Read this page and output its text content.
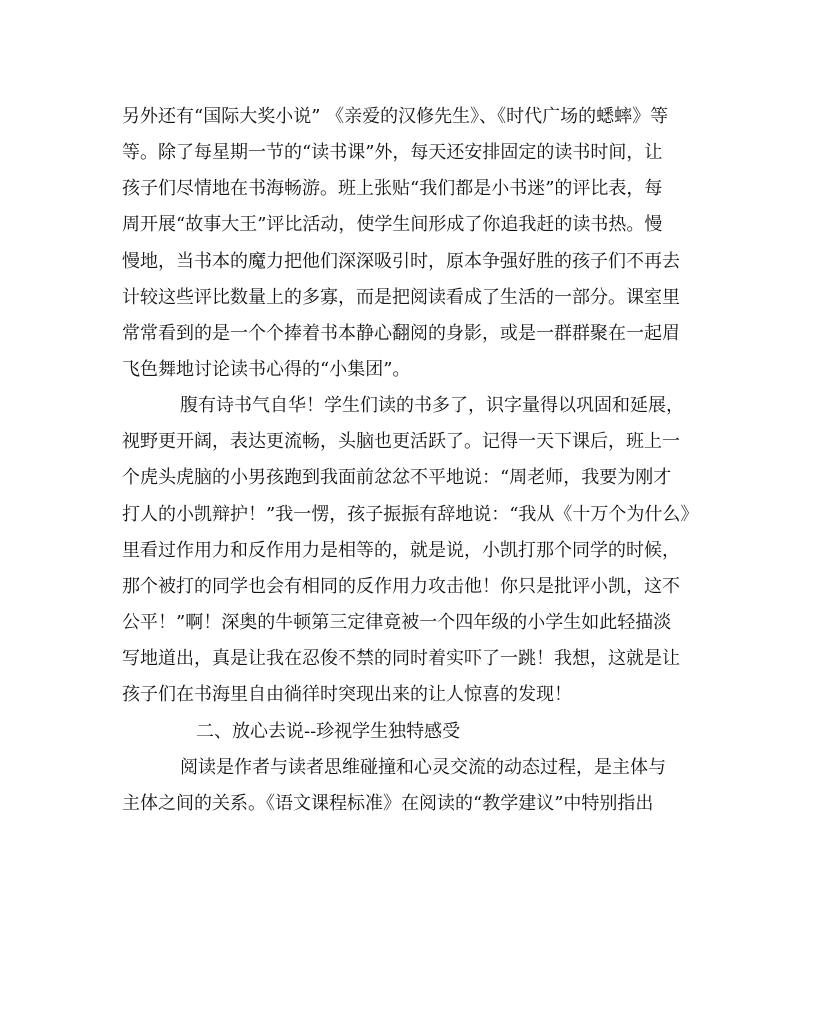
另外还有“国际大奖小说” 《亲爱的汉修先生》、《时代广场的蟋蟀》等
等。除了每星期一节的“读书课”外，每天还安排固定的读书时间，让
孩子们尽情地在书海畅游。班上张贴“我们都是小书迷”的评比表，每
周开展“故事大王”评比活动，使学生间形成了你追我赶的读书热。慢
慢地，当书本的魔力把他们深深吸引时，原本争强好胜的孩子们不再去
计较这些评比数量上的多寡，而是把阅读看成了生活的一部分。课室里
常常看到的是一个个捧着书本静心翻阅的身影，或是一群群聚在一起眉
飞色舞地讨论读书心得的“小集团”。
腹有诗书气自华！学生们读的书多了，识字量得以巩固和延展，
视野更开阔，表达更流畅，头脑也更活跃了。记得一天下课后，班上一
个虎头虎脑的小男孩跑到我面前忿忿不平地说：“周老师，我要为刚才
打人的小凯辩护！”我一愣，孩子振振有辞地说：“我从《十万个为什么》
里看过作用力和反作用力是相等的，就是说，小凯打那个同学的时候，
那个被打的同学也会有相同的反作用力攻击他！你只是批评小凯，这不
公平！”啊！深奥的牛顿第三定律竟被一个四年级的小学生如此轻描淡
写地道出，真是让我在忍俊不禁的同时着实吓了一跳！我想，这就是让
孩子们在书海里自由徜徉时突现出来的让人惊喜的发现！
二、放心去说--珍视学生独特感受
阅读是作者与读者思维碰撞和心灵交流的动态过程，是主体与
主体之间的关系。《语文课程标准》在阅读的“教学建议”中特别指出
